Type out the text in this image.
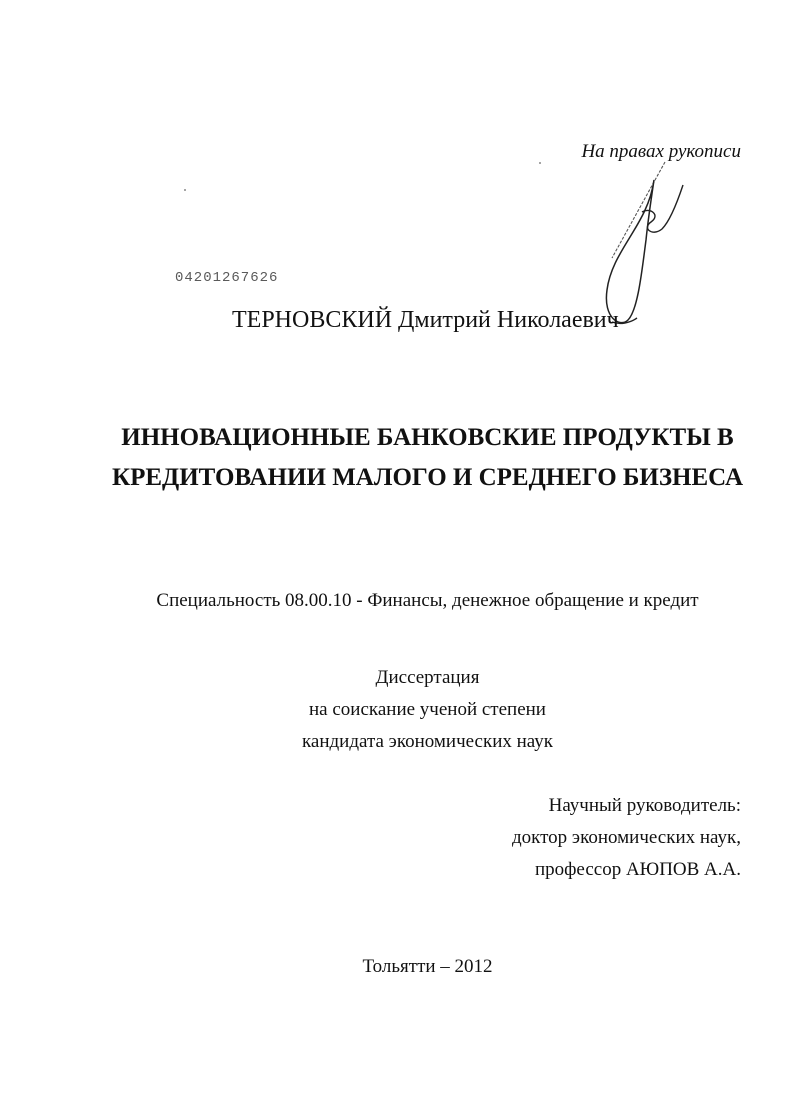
На правах рукописи
04201267626
ТЕРНОВСКИЙ Дмитрий Николаевич
ИННОВАЦИОННЫЕ БАНКОВСКИЕ ПРОДУКТЫ В
КРЕДИТОВАНИИ МАЛОГО И СРЕДНЕГО БИЗНЕСА
Специальность 08.00.10 - Финансы, денежное обращение и кредит
Диссертация
на соискание ученой степени
кандидата экономических наук
Научный руководитель:
доктор экономических наук,
профессор АЮПОВ А.А.
Тольятти – 2012
